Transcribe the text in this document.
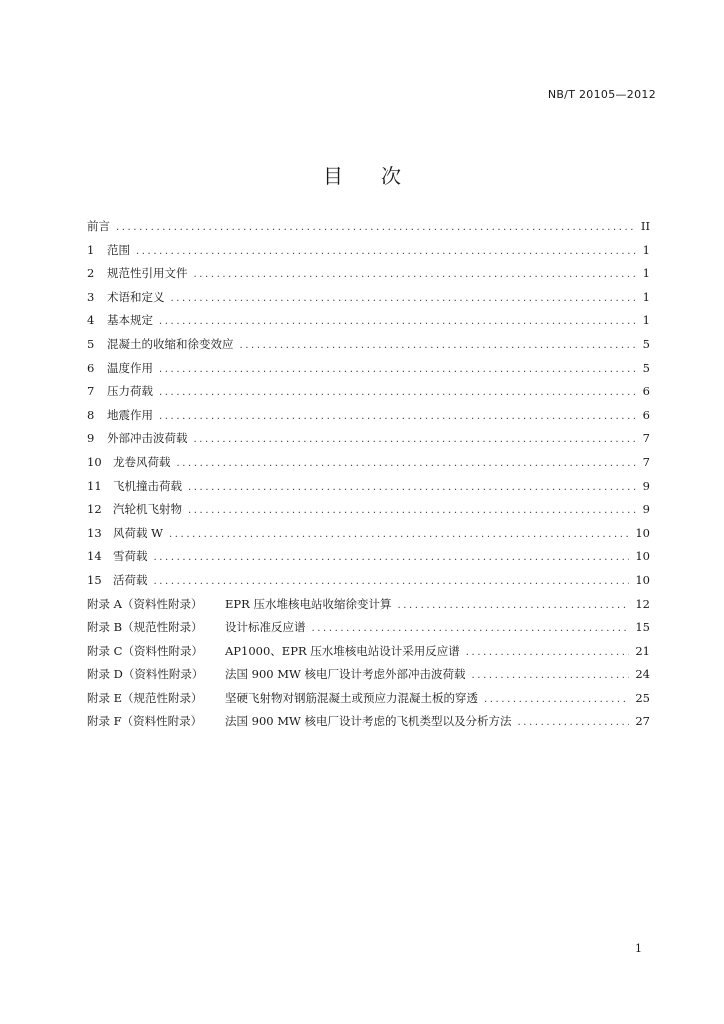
NB/T 20105—2012
目 次
前言 .....	II
1	范围 .....	1
2	规范性引用文件 .....	1
3	术语和定义 .....	1
4	基本规定 .....	1
5	混凝土的收缩和徐变效应 .....	5
6	温度作用 .....	5
7	压力荷载 .....	6
8	地震作用 .....	6
9	外部冲击波荷载 .....	7
10 龙卷风荷载 .....	7
11 飞机撞击荷载 .....	9
12 汽轮机飞射物 .....	9
13 风荷载 W .....	10
14 雪荷载 .....	10
15 活荷载 .....	10
附录 A（资料性附录）	EPR 压水堆核电站收缩徐变计算 .....	12
附录 B（规范性附录）	设计标准反应谱 .....	15
附录 C（资料性附录）	AP1000、EPR 压水堆核电站设计采用反应谱 .....	21
附录 D（资料性附录）	法国 900 MW 核电厂设计考虑外部冲击波荷载 .....	24
附录 E（规范性附录）	坚硬飞射物对钢筋混凝土或预应力混凝土板的穿透 .....	25
附录 F（资料性附录）	法国 900 MW 核电厂设计考虑的飞机类型以及分析方法 .....	27
1
